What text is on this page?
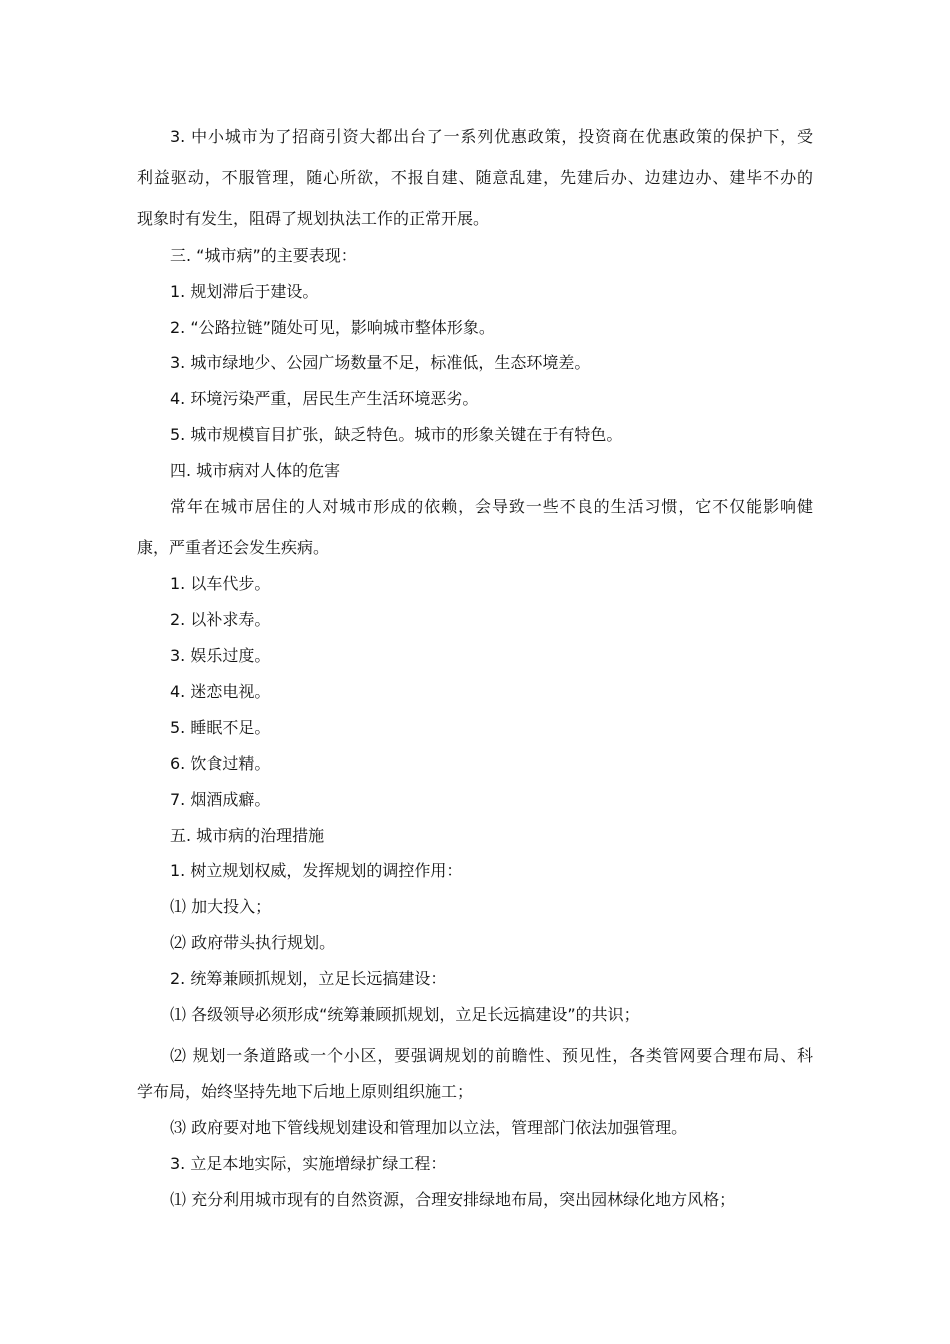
3. 中小城市为了招商引资大都出台了一系列优惠政策，投资商在优惠政策的保护下，受
利益驱动，不服管理，随心所欲，不报自建、随意乱建，先建后办、边建边办、建毕不办的
现象时有发生，阻碍了规划执法工作的正常开展。
三. “城市病”的主要表现：
1. 规划滞后于建设。
2. “公路拉链”随处可见，影响城市整体形象。
3. 城市绿地少、公园广场数量不足，标准低，生态环境差。
4. 环境污染严重，居民生产生活环境恶劣。
5. 城市规模盲目扩张，缺乏特色。城市的形象关键在于有特色。
四. 城市病对人体的危害
常年在城市居住的人对城市形成的依赖，会导致一些不良的生活习惯，它不仅能影响健
康，严重者还会发生疾病。
1. 以车代步。
2. 以补求寿。
3. 娱乐过度。
4. 迷恋电视。
5. 睡眠不足。
6. 饮食过精。
7. 烟酒成癖。
五. 城市病的治理措施
1. 树立规划权威，发挥规划的调控作用：
⑴ 加大投入；
⑵ 政府带头执行规划。
2. 统筹兼顾抓规划，立足长远搞建设：
⑴ 各级领导必须形成“统筹兼顾抓规划，立足长远搞建设”的共识；
⑵ 规划一条道路或一个小区，要强调规划的前瞻性、预见性，各类管网要合理布局、科
学布局，始终坚持先地下后地上原则组织施工；
⑶ 政府要对地下管线规划建设和管理加以立法，管理部门依法加强管理。
3. 立足本地实际，实施增绿扩绿工程：
⑴ 充分利用城市现有的自然资源，合理安排绿地布局，突出园林绿化地方风格；
